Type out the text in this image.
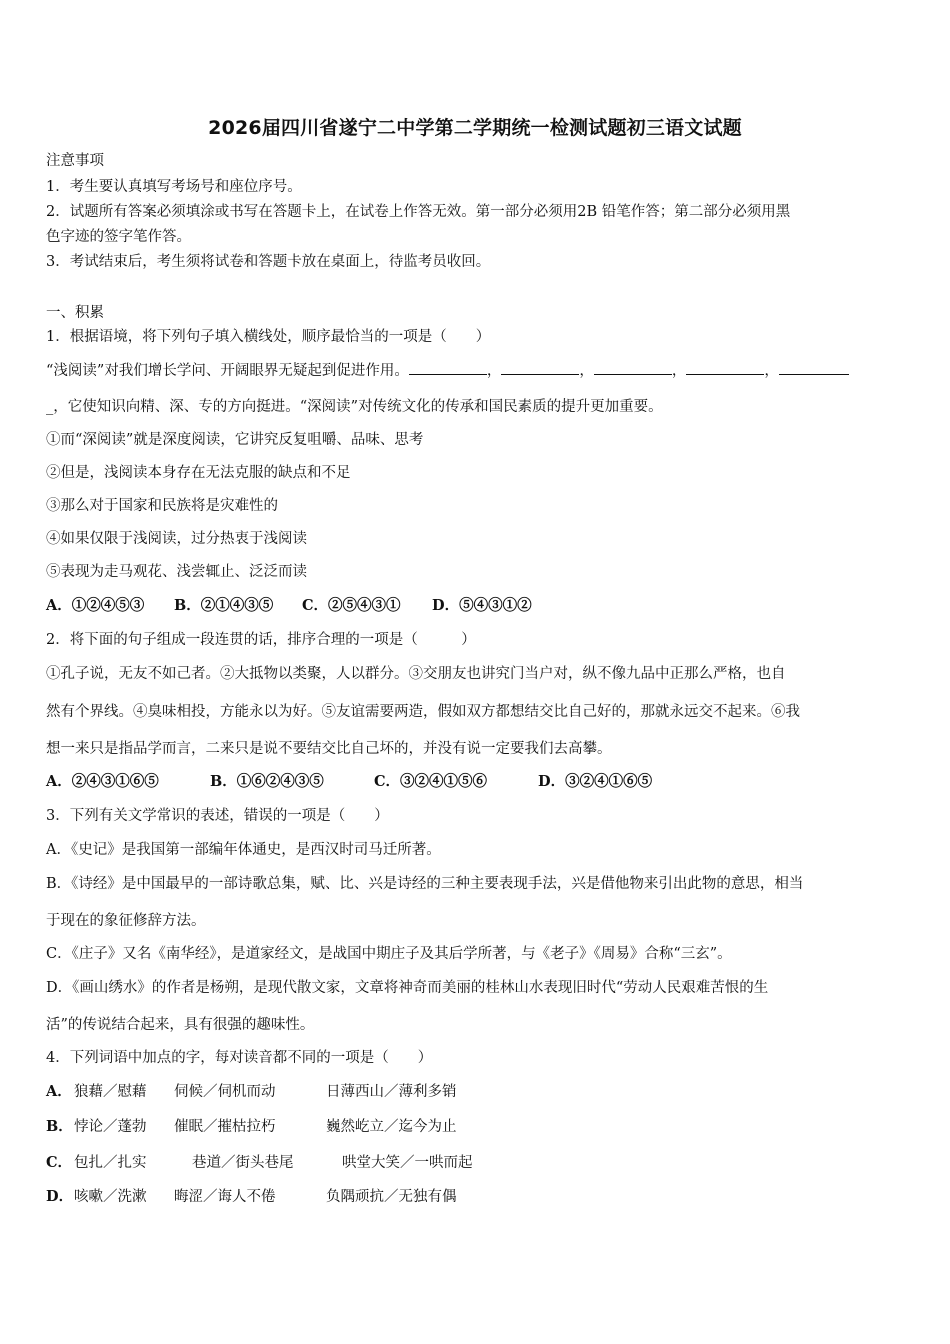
2026届四川省遂宁二中学第二学期统一检测试题初三语文试题
注意事项
1．考生要认真填写考场号和座位序号。
2．试题所有答案必须填涂或书写在答题卡上，在试卷上作答无效。第一部分必须用2B 铅笔作答；第二部分必须用黑
色字迹的签字笔作答。
3．考试结束后，考生须将试卷和答题卡放在桌面上，待监考员收回。
一、积累
1．根据语境，将下列句子填入横线处，顺序最恰当的一项是（　　）
“浅阅读”对我们增长学问、开阔眼界无疑起到促进作用。	，	，	，	，
_，它使知识向精、深、专的方向挺进。“深阅读”对传统文化的传承和国民素质的提升更加重要。
①而“深阅读”就是深度阅读，它讲究反复咀嚼、品味、思考
②但是，浅阅读本身存在无法克服的缺点和不足
③那么对于国家和民族将是灾难性的
④如果仅限于浅阅读，过分热衷于浅阅读
⑤表现为走马观花、浅尝辄止、泛泛而读
A．①②④⑤③ B．②①④③⑤ C．②⑤④③① D．⑤④③①②
2．将下面的句子组成一段连贯的话，排序合理的一项是（　　　）
①孔子说，无友不如己者。②大抵物以类聚，人以群分。③交朋友也讲究门当户对，纵不像九品中正那么严格，也自
然有个界线。④臭味相投，方能永以为好。⑤友谊需要两造，假如双方都想结交比自己好的，那就永远交不起来。⑥我
想一来只是指品学而言，二来只是说不要结交比自己坏的，并没有说一定要我们去高攀。
A．②④③①⑥⑤	B．①⑥②④③⑤	C．③②④①⑤⑥	D．③②④①⑥⑤
3．下列有关文学常识的表述，错误的一项是（　　）
A．《史记》是我国第一部编年体通史，是西汉时司马迁所著。
B．《诗经》是中国最早的一部诗歌总集，赋、比、兴是诗经的三种主要表现手法，兴是借他物来引出此物的意思，相当
于现在的象征修辞方法。
C．《庄子》又名《南华经》，是道家经文，是战国中期庄子及其后学所著，与《老子》《周易》合称“三玄”。
D．《画山绣水》的作者是杨朔，是现代散文家，文章将神奇而美丽的桂林山水表现旧时代“劳动人民艰难苦恨的生
活”的传说结合起来，具有很强的趣味性。
4．下列词语中加点的字，每对读音都不同的一项是（　　）
A． 狼藉／慰藉 伺候／伺机而动	日薄西山／薄利多销
B．悖论／蓬勃 催眠／摧枯拉朽	巍然屹立／迄今为止
C． 包扎／扎实	巷道／街头巷尾	哄堂大笑／一哄而起
D．咳嗽／洗漱 晦涩／诲人不倦	负隅顽抗／无独有偶
